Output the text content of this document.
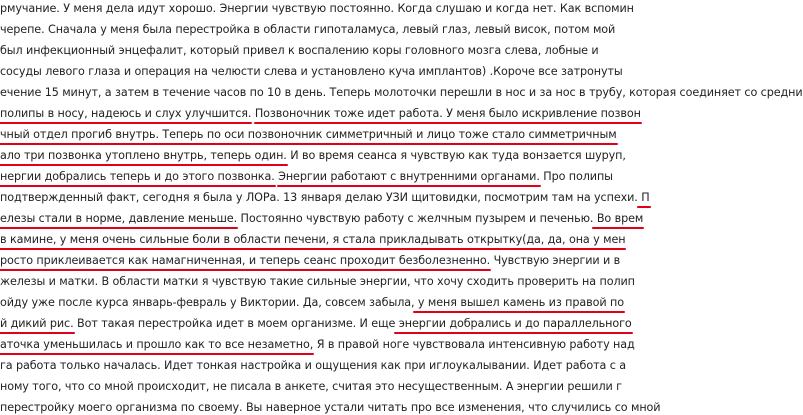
рмучание. У меня дела идут хорошо. Энергии чувствую постоянно. Когда слушаю и когда нет. Как вспомин
черепе. Сначала у меня была перестройка в области гипоталамуса, левый глаз, левый висок, потом мой
был инфекционный энцефалит, который привел к воспалению коры головного мозга слева, лобные и
сосуды левого глаза и операция на челюсти слева и установлено куча имплантов) .Короче все затронуты
ечение 15 минут, а затем в течение часов по 10 в день. Теперь молоточки перешли в нос и за нос в трубу, которая соединяет со средни
полипы в носу, надеюсь и слух улучшится. Позвоночник тоже идет работа. У меня было искривление позвон
чный отдел прогиб внутрь. Теперь по оси позвоночник симметричный и лицо тоже стало симметричным
ало три позвонка утоплено внутрь, теперь один. И во время сеанса я чувствую как туда вонзается шуруп,
нергии добрались теперь и до этого позвонка. Энергии работают с внутренними органами. Про полипы
подтвержденный факт, сегодня я была у ЛОРа. 13 января делаю УЗИ щитовидки, посмотрим там на успехи. П
елезы стали в норме, давление меньше. Постоянно чувствую работу с желчным пузырем и печенью. Во врем
в камине, у меня очень сильные боли в области печени, я стала прикладывать открытку(да, да, она у мен
росто приклеивается как намагниченная, и теперь сеанс проходит безболезненно. Чувствую энергии и в
железы и матки. В области матки я чувствую такие сильные энергии, что хочу сходить проверить на полип
ойду уже после курса январь-февраль у Виктории. Да, совсем забыла, у меня вышел камень из правой по
й дикий рис. Вот такая перестройка идет в моем организме. И еще энергии добрались и до параллельного
аточка уменьшилась и прошло как то все незаметно, Я в правой ноге чувствовала интенсивную работу над
га работа только началась. Идет тонкая настройка и ощущения как при иглоукалывании. Идет работа с а
ному того, что со мной происходит, не писала в анкете, считая это несущественным. А энергии решили г
перестройку моего организма по своему. Вы наверное устали читать про все изменения, что случились со мной
